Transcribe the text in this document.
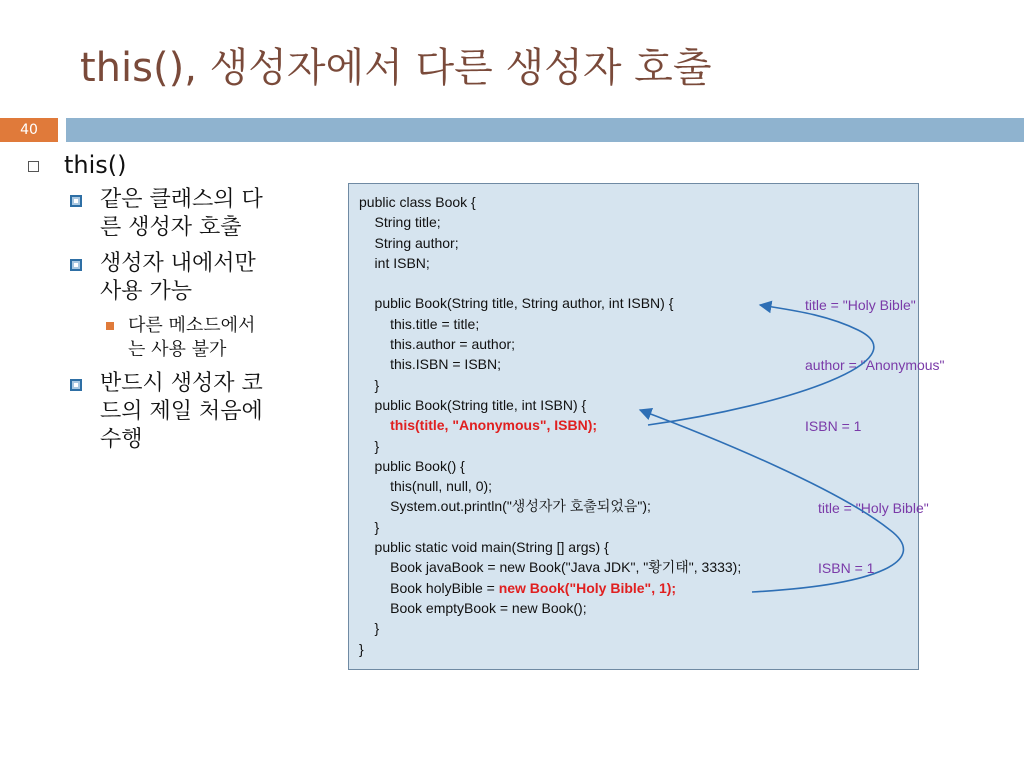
this(), 생성자에서 다른 생성자 호출
40
this()
같은 클래스의 다
른 생성자 호출
생성자 내에서만
사용 가능
다른 메소드에서
는 사용 불가
반드시 생성자 코
드의 제일 처음에
수행
public class Book {
String title;
String author;
int ISBN;
public Book(String title, String author, int ISBN) {
this.title = title;
this.author = author;
this.ISBN = ISBN;
}
public Book(String title, int ISBN) {
this(title, "Anonymous", ISBN);
}
public Book() {
this(null, null, 0);
System.out.println("생성자가 호출되었음");
}
public static void main(String [] args) {
Book javaBook = new Book("Java JDK", "황기태", 3333);
Book holyBible = new Book("Holy Bible", 1);
Book emptyBook = new Book();
}
}

title = "Holy Bible"

author = "Anonymous"

ISBN = 1

title = "Holy Bible"

ISBN = 1
